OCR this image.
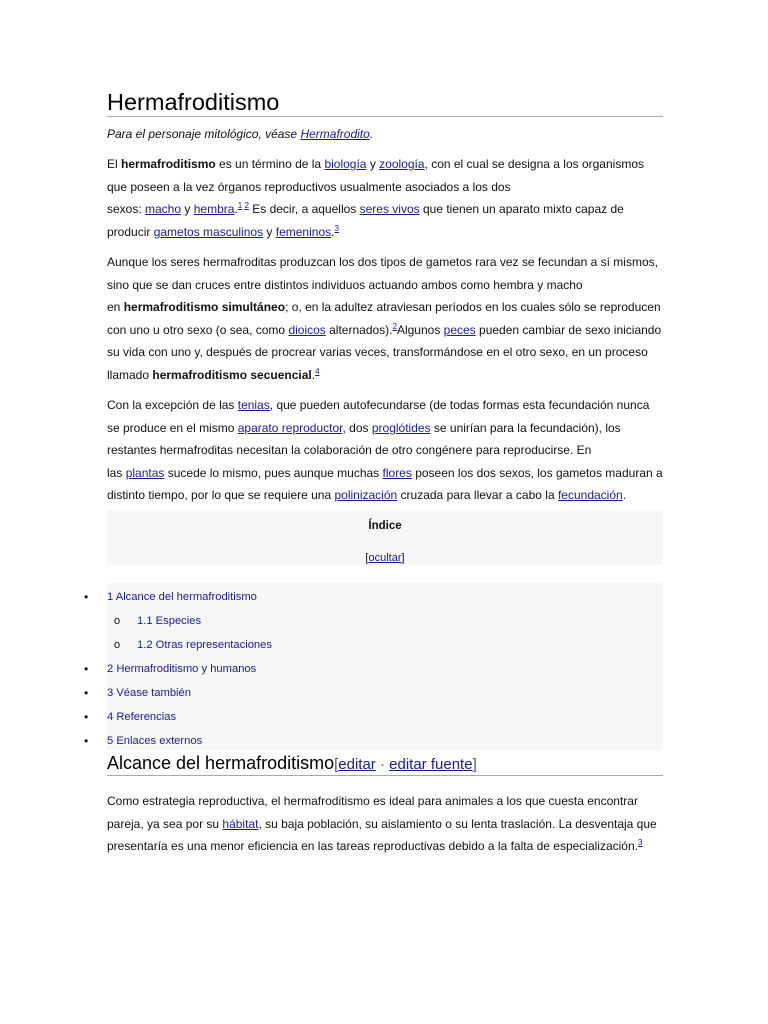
Hermafroditismo
Para el personaje mitológico, véase Hermafrodito.
El hermafroditismo es un término de la biología y zoología, con el cual se designa a los organismos
que poseen a la vez órganos reproductivos usualmente asociados a los dos
sexos: macho y hembra.$^1$ $^2$ Es decir, a aquellos seres vivos que tienen un aparato mixto capaz de
producir gametos masculinos y femeninos.$^3$
Aunque los seres hermafroditas produzcan los dos tipos de gametos rara vez se fecundan a sí mismos,
sino que se dan cruces entre distintos individuos actuando ambos como hembra y macho
en hermafroditismo simultáneo; o, en la adultez atraviesan períodos en los cuales sólo se reproducen
con uno u otro sexo (o sea, como dioicos alternados).$^2$Algunos peces pueden cambiar de sexo iniciando
su vida con uno y, después de procrear varias veces, transformándose en el otro sexo, en un proceso
llamado hermafroditismo secuencial.$^4$
Con la excepción de las tenias, que pueden autofecundarse (de todas formas esta fecundación nunca
se produce en el mismo aparato reproductor, dos proglótides se unirían para la fecundación), los
restantes hermafroditas necesitan la colaboración de otro congénere para reproducirse. En
las plantas sucede lo mismo, pues aunque muchas flores poseen los dos sexos, los gametos maduran a
distinto tiempo, por lo que se requiere una polinización cruzada para llevar a cabo la fecundación.
Índice
[ocultar]
• 1 Alcance del hermafroditismo
o 1.1 Especies
o 1.2 Otras representaciones
• 2 Hermafroditismo y humanos
• 3 Véase también
• 4 Referencias
• 5 Enlaces externos
Alcance del hermafroditismo[editar · editar fuente]
Como estrategia reproductiva, el hermafroditismo es ideal para animales a los que cuesta encontrar
pareja, ya sea por su hábitat, su baja población, su aislamiento o su lenta traslación. La desventaja que
presentaría es una menor eficiencia en las tareas reproductivas debido a la falta de especialización.$^3$
